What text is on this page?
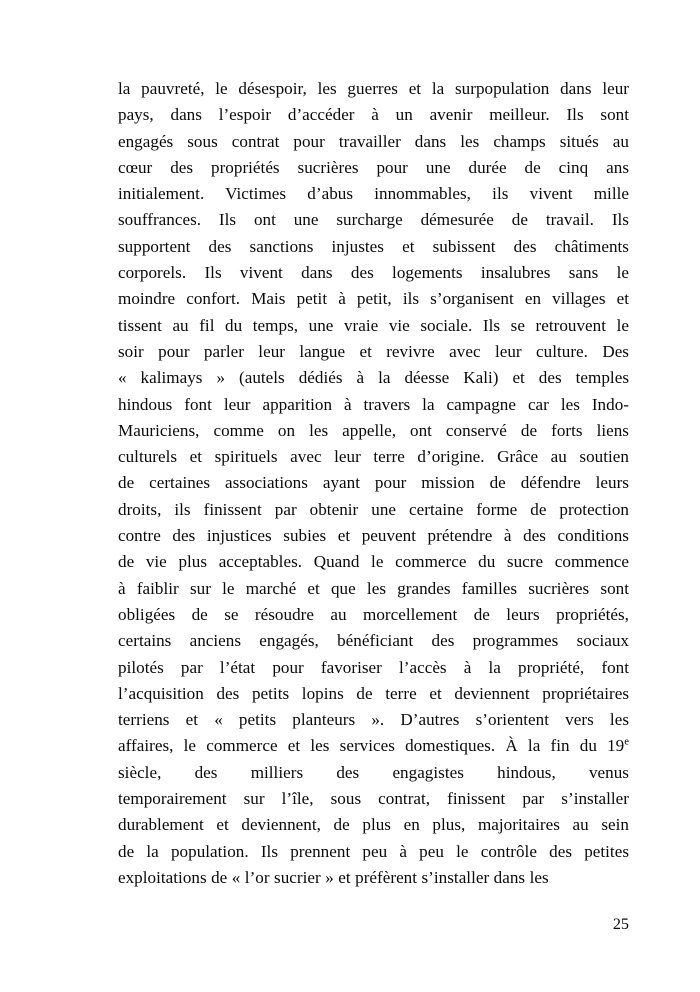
la pauvreté, le désespoir, les guerres et la surpopulation dans leur
pays, dans l’espoir d’accéder à un avenir meilleur. Ils sont
engagés sous contrat pour travailler dans les champs situés au
cœur des propriétés sucrières pour une durée de cinq ans
initialement. Victimes d’abus innommables, ils vivent mille
souffrances. Ils ont une surcharge démesurée de travail. Ils
supportent des sanctions injustes et subissent des châtiments
corporels. Ils vivent dans des logements insalubres sans le
moindre confort. Mais petit à petit, ils s’organisent en villages et
tissent au fil du temps, une vraie vie sociale. Ils se retrouvent le
soir pour parler leur langue et revivre avec leur culture. Des
« kalimays » (autels dédiés à la déesse Kali) et des temples
hindous font leur apparition à travers la campagne car les Indo-
Mauriciens, comme on les appelle, ont conservé de forts liens
culturels et spirituels avec leur terre d’origine. Grâce au soutien
de certaines associations ayant pour mission de défendre leurs
droits, ils finissent par obtenir une certaine forme de protection
contre des injustices subies et peuvent prétendre à des conditions
de vie plus acceptables. Quand le commerce du sucre commence
à faiblir sur le marché et que les grandes familles sucrières sont
obligées de se résoudre au morcellement de leurs propriétés,
certains anciens engagés, bénéficiant des programmes sociaux
pilotés par l’état pour favoriser l’accès à la propriété, font
l’acquisition des petits lopins de terre et deviennent propriétaires
terriens et « petits planteurs ». D’autres s’orientent vers les
affaires, le commerce et les services domestiques. À la fin du 19e
siècle, des milliers des engagistes hindous, venus
temporairement sur l’île, sous contrat, finissent par s’installer
durablement et deviennent, de plus en plus, majoritaires au sein
de la population. Ils prennent peu à peu le contrôle des petites
exploitations de « l’or sucrier » et préfèrent s’installer dans les
25
